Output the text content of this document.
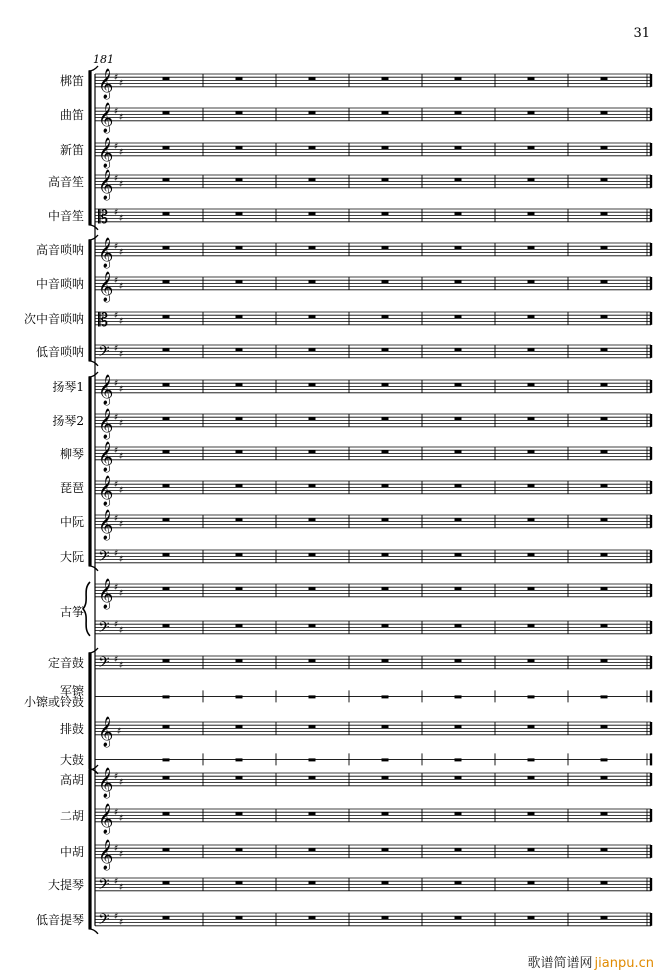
31
181
𝄞 ♯
♯
𝄞 ♯
♯
𝄞 ♯
♯
𝄞 ♯
♯
𝄡 ♯
♯
𝄞 ♯
♯
𝄞 ♯
♯
𝄡 ♯
♯
𝄢 ♯
♯
𝄞 ♯
♯
𝄞 ♯
♯
𝄞 ♯
♯
𝄞 ♯
♯
𝄞 ♯
♯
𝄢 ♯
♯
𝄞 ♯
♯
𝄢 ♯
♯
𝄢 ♯
♯
𝄞 ♯
𝄞 ♯
♯
𝄞 ♯
♯
𝄞 ♯
♯
𝄢 ♯
♯
𝄢 ♯
♯
梆笛
曲笛
新笛
高音笙
中音笙
高音唢呐
中音唢呐
次中音唢呐
低音唢呐
扬琴1
扬琴2
柳琴
琵琶
中阮
大阮
古筝
定音鼓
军镲
小镲或铃鼓
排鼓
大鼓
高胡
二胡
中胡
大提琴
低音提琴
歌谱简谱网 jianpu.cn
